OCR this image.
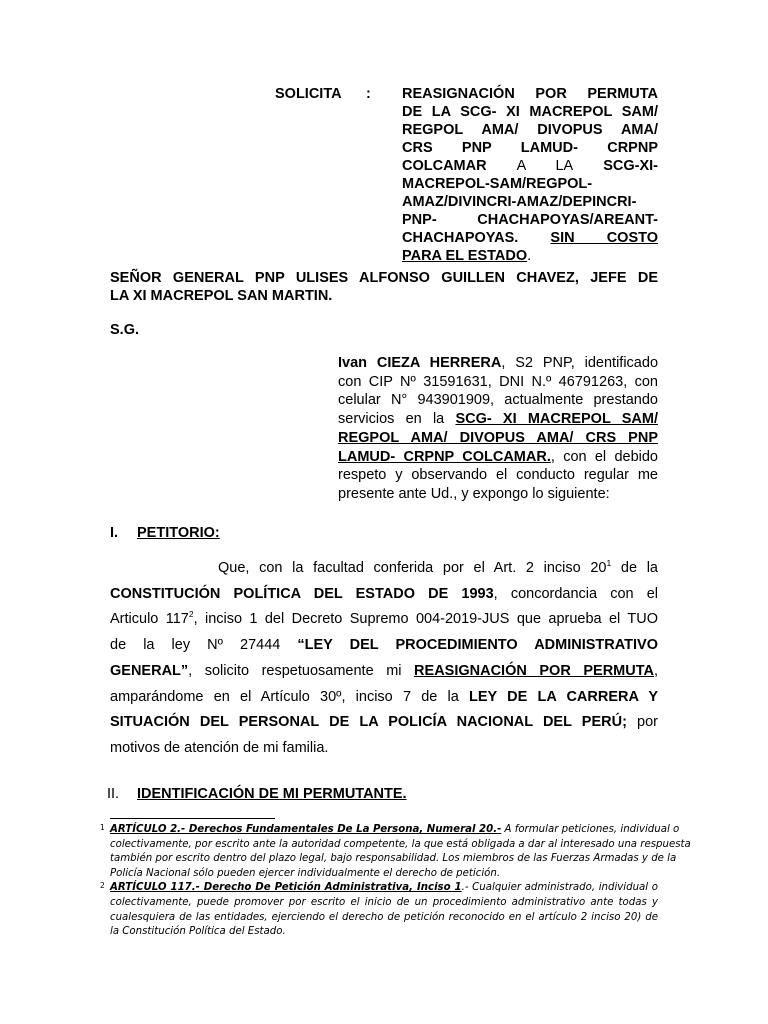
SOLICITA : REASIGNACIÓN POR PERMUTA
DE LA SCG- XI MACREPOL SAM/
REGPOL AMA/ DIVOPUS AMA/
CRS PNP LAMUD- CRPNP
COLCAMAR A LA SCG-XI-
MACREPOL-SAM/REGPOL-
AMAZ/DIVINCRI-AMAZ/DEPINCRI-
PNP- CHACHAPOYAS/AREANT-
CHACHAPOYAS. SIN COSTO
PARA EL ESTADO.
SEÑOR GENERAL PNP ULISES ALFONSO GUILLEN CHAVEZ, JEFE DE
LA XI MACREPOL SAN MARTIN.
S.G.
Ivan CIEZA HERRERA, S2 PNP, identificado
con CIP Nº 31591631, DNI N.º 46791263, con
celular N° 943901909, actualmente prestando
servicios en la SCG- XI MACREPOL SAM/
REGPOL AMA/ DIVOPUS AMA/ CRS PNP
LAMUD- CRPNP COLCAMAR., con el debido
respeto y observando el conducto regular me
presente ante Ud., y expongo lo siguiente:
I. PETITORIO:
Que, con la facultad conferida por el Art. 2 inciso $20^1$ de la
CONSTITUCIÓN POLÍTICA DEL ESTADO DE 1993, concordancia con el
Articulo $117^2$, inciso 1 del Decreto Supremo 004-2019-JUS que aprueba el TUO
de la ley Nº 27444 “LEY DEL PROCEDIMIENTO ADMINISTRATIVO
GENERAL”, solicito respetuosamente mi REASIGNACIÓN POR PERMUTA,
amparándome en el Artículo 30º, inciso 7 de la LEY DE LA CARRERA Y
SITUACIÓN DEL PERSONAL DE LA POLICÍA NACIONAL DEL PERÚ; por
motivos de atención de mi familia.
II. IDENTIFICACIÓN DE MI PERMUTANTE.
1 ARTÍCULO 2.- Derechos Fundamentales De La Persona, Numeral 20.- A formular peticiones, individual o
colectivamente, por escrito ante la autoridad competente, la que está obligada a dar al interesado una respuesta
también por escrito dentro del plazo legal, bajo responsabilidad. Los miembros de las Fuerzas Armadas y de la
Policía Nacional sólo pueden ejercer individualmente el derecho de petición.
2 ARTÍCULO 117.- Derecho De Petición Administrativa, Inciso 1.- Cualquier administrado, individual o
colectivamente, puede promover por escrito el inicio de un procedimiento administrativo ante todas y
cualesquiera de las entidades, ejerciendo el derecho de petición reconocido en el artículo 2 inciso 20) de
la Constitución Política del Estado.
